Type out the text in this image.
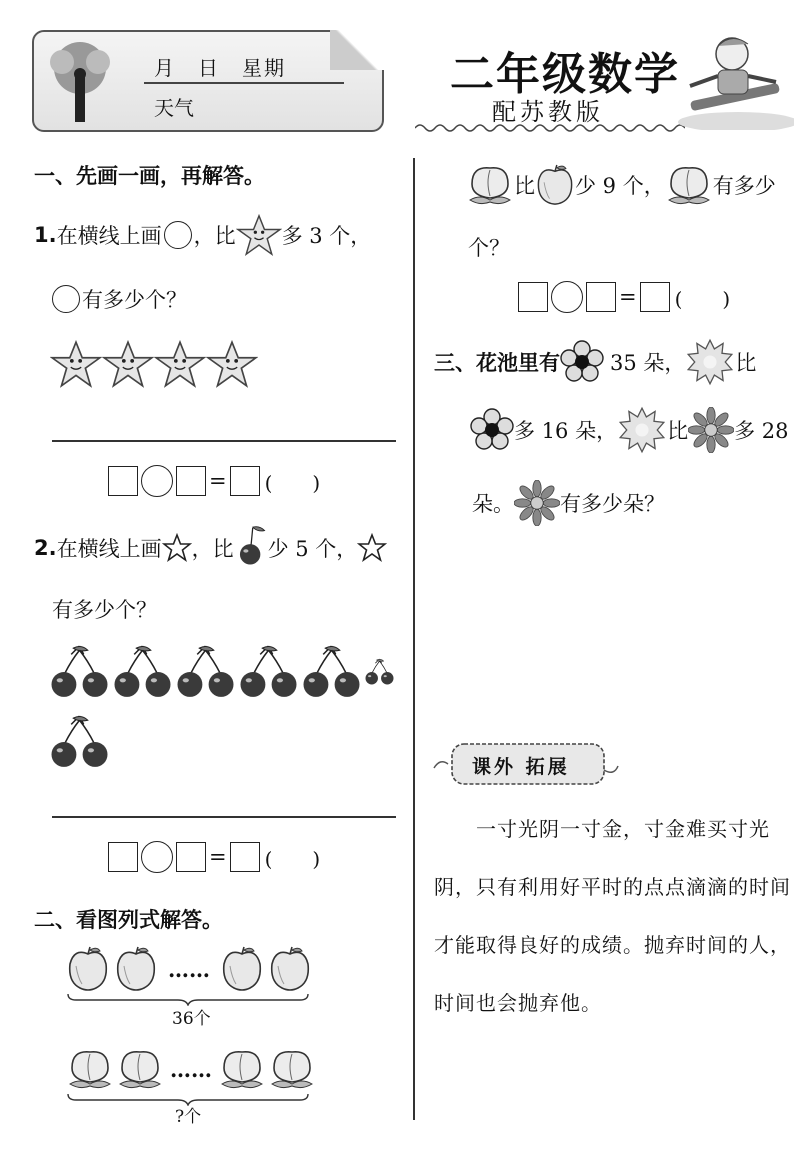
月　日　星期
天气
二年级数学
配苏教版
一、先画一画，再解答。
1. 在横线上画 ，比 多 3 个，
有多少个？
= (　　)
2. 在横线上画 ，比 少 5 个，
有多少个？
= (　　)
二、看图列式解答。
……
36个
……
?个
比 少 9 个， 有多少
个？
= (　　)
三、花池里有 35 朵， 比
多 16 朵， 比 多 28
朵。 有多少朵？
课外 拓展
一寸光阴一寸金，寸金难买寸光阴，只有利用好平时的点点滴滴的时间才能取得良好的成绩。抛弃时间的人，时间也会抛弃他。
